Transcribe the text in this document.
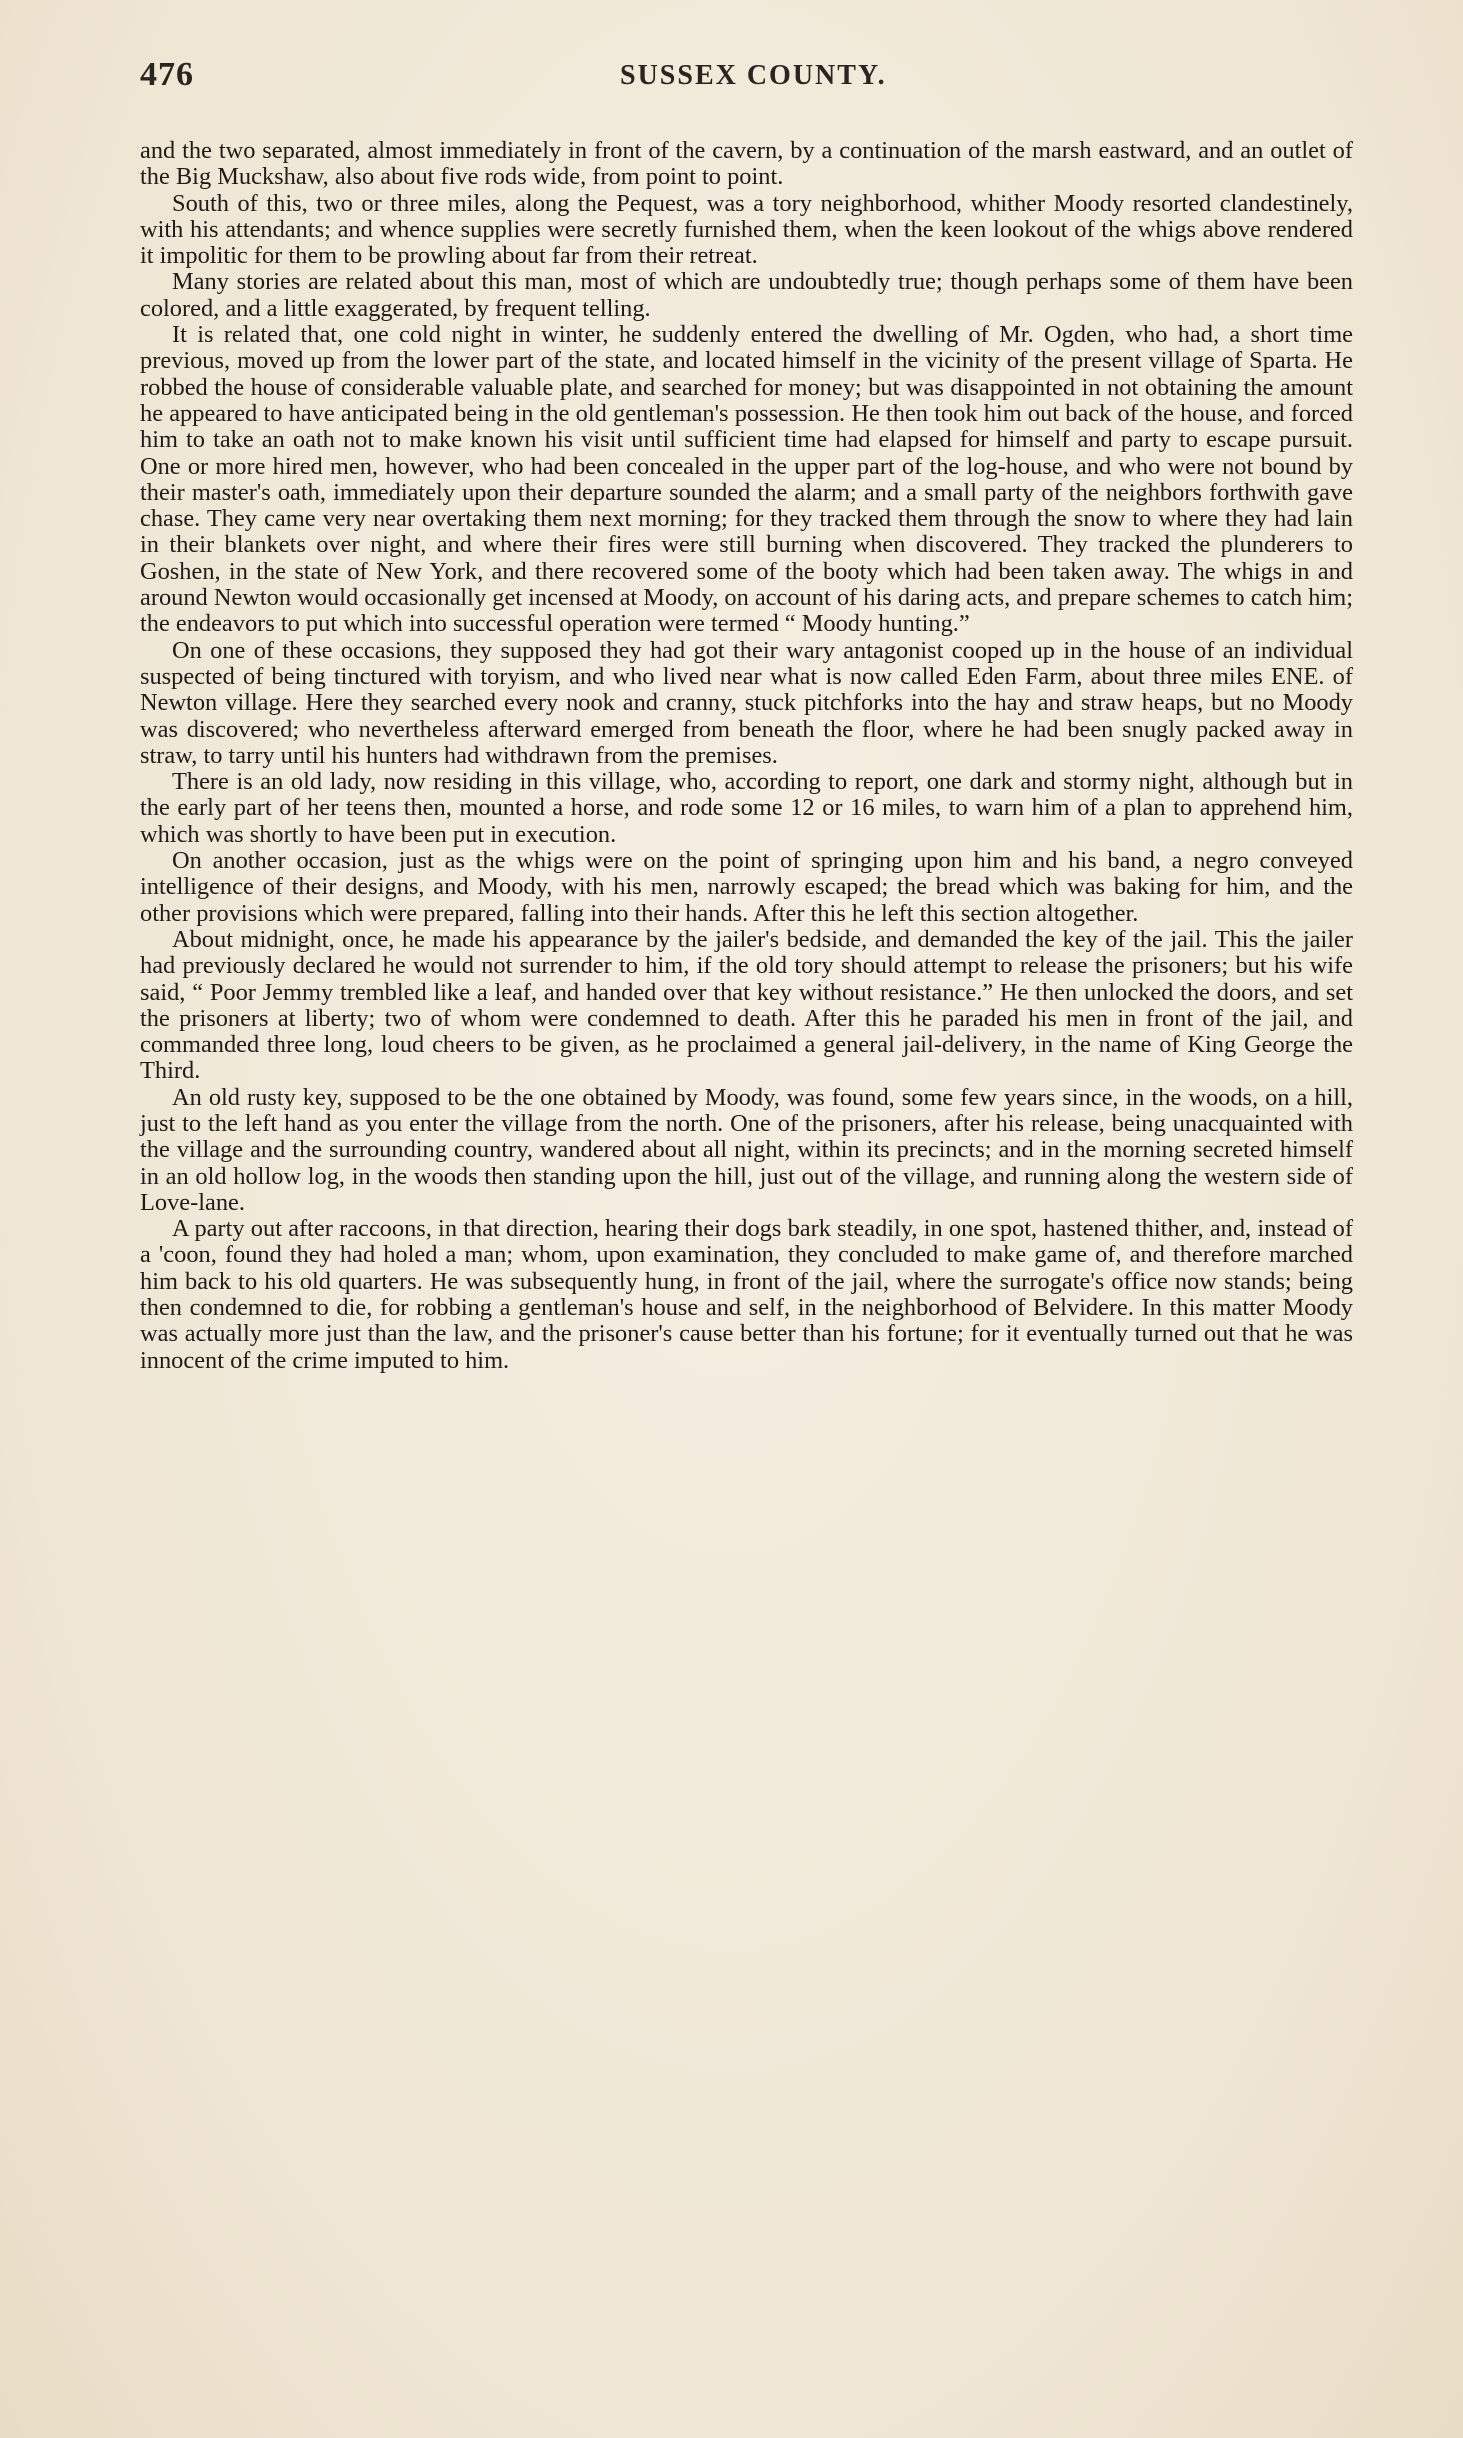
476	SUSSEX COUNTY.

and the two separated, almost immediately in front of the cavern, by a continuation of the marsh eastward, and an outlet of the Big Muckshaw, also about five rods wide, from point to point.

South of this, two or three miles, along the Pequest, was a tory neighborhood, whither Moody resorted clandestinely, with his attendants; and whence supplies were secretly furnished them, when the keen lookout of the whigs above rendered it impolitic for them to be prowling about far from their retreat.

Many stories are related about this man, most of which are undoubtedly true; though perhaps some of them have been colored, and a little exaggerated, by frequent telling.

It is related that, one cold night in winter, he suddenly entered the dwelling of Mr. Ogden, who had, a short time previous, moved up from the lower part of the state, and located himself in the vicinity of the present village of Sparta. He robbed the house of considerable valuable plate, and searched for money; but was disappointed in not obtaining the amount he appeared to have anticipated being in the old gentleman's possession. He then took him out back of the house, and forced him to take an oath not to make known his visit until sufficient time had elapsed for himself and party to escape pursuit. One or more hired men, however, who had been concealed in the upper part of the log-house, and who were not bound by their master's oath, immediately upon their departure sounded the alarm; and a small party of the neighbors forthwith gave chase. They came very near overtaking them next morning; for they tracked them through the snow to where they had lain in their blankets over night, and where their fires were still burning when discovered. They tracked the plunderers to Goshen, in the state of New York, and there recovered some of the booty which had been taken away. The whigs in and around Newton would occasionally get incensed at Moody, on account of his daring acts, and prepare schemes to catch him; the endeavors to put which into successful operation were termed “ Moody hunting.”

On one of these occasions, they supposed they had got their wary antagonist cooped up in the house of an individual suspected of being tinctured with toryism, and who lived near what is now called Eden Farm, about three miles ENE. of Newton village. Here they searched every nook and cranny, stuck pitchforks into the hay and straw heaps, but no Moody was discovered; who nevertheless afterward emerged from beneath the floor, where he had been snugly packed away in straw, to tarry until his hunters had withdrawn from the premises.

There is an old lady, now residing in this village, who, according to report, one dark and stormy night, although but in the early part of her teens then, mounted a horse, and rode some 12 or 16 miles, to warn him of a plan to apprehend him, which was shortly to have been put in execution.

On another occasion, just as the whigs were on the point of springing upon him and his band, a negro conveyed intelligence of their designs, and Moody, with his men, narrowly escaped; the bread which was baking for him, and the other provisions which were prepared, falling into their hands. After this he left this section altogether.

About midnight, once, he made his appearance by the jailer's bedside, and demanded the key of the jail. This the jailer had previously declared he would not surrender to him, if the old tory should attempt to release the prisoners; but his wife said, “ Poor Jemmy trembled like a leaf, and handed over that key without resistance.” He then unlocked the doors, and set the prisoners at liberty; two of whom were condemned to death. After this he paraded his men in front of the jail, and commanded three long, loud cheers to be given, as he proclaimed a general jail-delivery, in the name of King George the Third.

An old rusty key, supposed to be the one obtained by Moody, was found, some few years since, in the woods, on a hill, just to the left hand as you enter the village from the north. One of the prisoners, after his release, being unacquainted with the village and the surrounding country, wandered about all night, within its precincts; and in the morning secreted himself in an old hollow log, in the woods then standing upon the hill, just out of the village, and running along the western side of Love-lane.

A party out after raccoons, in that direction, hearing their dogs bark steadily, in one spot, hastened thither, and, instead of a 'coon, found they had holed a man; whom, upon examination, they concluded to make game of, and therefore marched him back to his old quarters. He was subsequently hung, in front of the jail, where the surrogate's office now stands; being then condemned to die, for robbing a gentleman's house and self, in the neighborhood of Belvidere. In this matter Moody was actually more just than the law, and the prisoner's cause better than his fortune; for it eventually turned out that he was innocent of the crime imputed to him.
